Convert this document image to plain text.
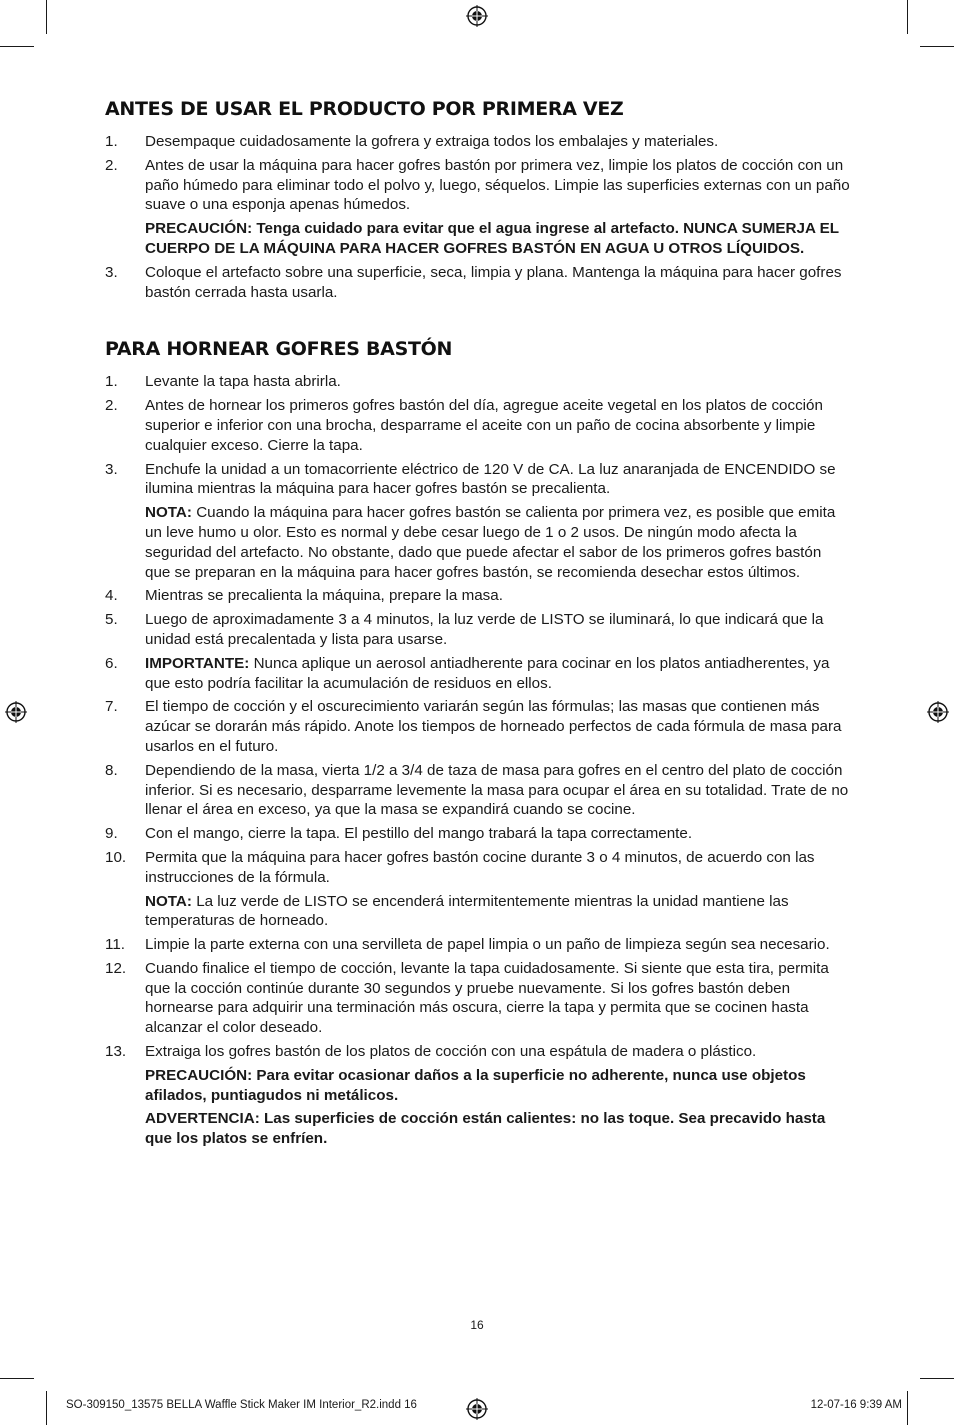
ANTES DE USAR EL PRODUCTO POR PRIMERA VEZ
1. Desempaque cuidadosamente la gofrera y extraiga todos los embalajes y materiales.
2. Antes de usar la máquina para hacer gofres bastón por primera vez, limpie los platos de cocción con un paño húmedo para eliminar todo el polvo y, luego, séquelos. Limpie las superficies externas con un paño suave o una esponja apenas húmedos.
PRECAUCIÓN: Tenga cuidado para evitar que el agua ingrese al artefacto. NUNCA SUMERJA EL CUERPO DE LA MÁQUINA PARA HACER GOFRES BASTÓN EN AGUA U OTROS LÍQUIDOS.
3. Coloque el artefacto sobre una superficie, seca, limpia y plana. Mantenga la máquina para hacer gofres bastón cerrada hasta usarla.
PARA HORNEAR GOFRES BASTÓN
1. Levante la tapa hasta abrirla.
2. Antes de hornear los primeros gofres bastón del día, agregue aceite vegetal en los platos de cocción superior e inferior con una brocha, desparrame el aceite con un paño de cocina absorbente y limpie cualquier exceso. Cierre la tapa.
3. Enchufe la unidad a un tomacorriente eléctrico de 120 V de CA. La luz anaranjada de ENCENDIDO se ilumina mientras la máquina para hacer gofres bastón se precalienta.
NOTA: Cuando la máquina para hacer gofres bastón se calienta por primera vez, es posible que emita un leve humo u olor. Esto es normal y debe cesar luego de 1 o 2 usos. De ningún modo afecta la seguridad del artefacto. No obstante, dado que puede afectar el sabor de los primeros gofres bastón que se preparan en la máquina para hacer gofres bastón, se recomienda desechar estos últimos.
4. Mientras se precalienta la máquina, prepare la masa.
5. Luego de aproximadamente 3 a 4 minutos, la luz verde de LISTO se iluminará, lo que indicará que la unidad está precalentada y lista para usarse.
6. IMPORTANTE: Nunca aplique un aerosol antiadherente para cocinar en los platos antiadherentes, ya que esto podría facilitar la acumulación de residuos en ellos.
7. El tiempo de cocción y el oscurecimiento variarán según las fórmulas; las masas que contienen más azúcar se dorarán más rápido. Anote los tiempos de horneado perfectos de cada fórmula de masa para usarlos en el futuro.
8. Dependiendo de la masa, vierta 1/2 a 3/4 de taza de masa para gofres en el centro del plato de cocción inferior. Si es necesario, desparrame levemente la masa para ocupar el área en su totalidad. Trate de no llenar el área en exceso, ya que la masa se expandirá cuando se cocine.
9. Con el mango, cierre la tapa. El pestillo del mango trabará la tapa correctamente.
10. Permita que la máquina para hacer gofres bastón cocine durante 3 o 4 minutos, de acuerdo con las instrucciones de la fórmula.
NOTA: La luz verde de LISTO se encenderá intermitentemente mientras la unidad mantiene las temperaturas de horneado.
11. Limpie la parte externa con una servilleta de papel limpia o un paño de limpieza según sea necesario.
12. Cuando finalice el tiempo de cocción, levante la tapa cuidadosamente. Si siente que esta tira, permita que la cocción continúe durante 30 segundos y pruebe nuevamente. Si los gofres bastón deben hornearse para adquirir una terminación más oscura, cierre la tapa y permita que se cocinen hasta alcanzar el color deseado.
13. Extraiga los gofres bastón de los platos de cocción con una espátula de madera o plástico.
PRECAUCIÓN: Para evitar ocasionar daños a la superficie no adherente, nunca use objetos afilados, puntiagudos ni metálicos.
ADVERTENCIA: Las superficies de cocción están calientes: no las toque. Sea precavido hasta que los platos se enfríen.
16
SO-309150_13575 BELLA Waffle Stick Maker IM Interior_R2.indd 16	12-07-16 9:39 AM
